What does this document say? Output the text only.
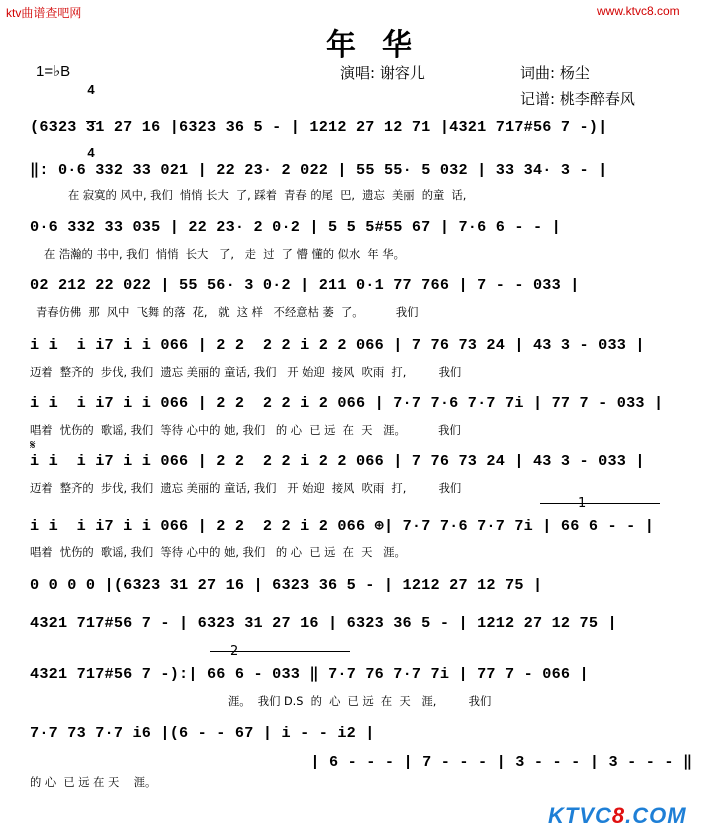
ktv曲谱查吧网	www.ktvc8.com
年华
1=♭B

4

4

演唱: 谢容儿	词曲: 杨尘
记谱: 桃李醉春风
(6323 31 27 16 |6323 36 5 - | 1212 27 12 71 |4321 717#56 7 -)|
‖: 0·6 332 33 021 | 22 23· 2 022 | 55 55· 5 032 | 33 34· 3 - |
在 寂寞的 风中, 我们  悄悄 长大  了, 踩着  青春 的尾  巴,  遗忘  美丽  的童  话,
0·6 332 33 035 | 22 23· 2 0·2 | 5 5 5#55 67 | 7·6 6 - - |
在 浩瀚的 书中, 我们  悄悄  长大   了,   走  过  了 懵 懂的 似水  年 华。
02 212 22 022 | 55 56· 3 0·2 | 211 0·1 77 766 | 7 - - 033 |
青春仿佛  那  风中  飞舞 的落  花,   就  这 样   不经意枯 萎  了。         我们
i i  i i7 i i 066 | 2 2  2 2 i 2 2 066 | 7 76 73 24 | 43 3 - 033 |
迈着  整齐的  步伐, 我们  遗忘 美丽的 童话, 我们   开 始迎  接风  吹雨  打,         我们
i i  i i7 i i 066 | 2 2  2 2 i 2 066 | 7·7 7·6 7·7 7i | 77 7 - 033 |
唱着  忧伤的  歌谣, 我们  等待 心中的 她, 我们   的 心  已 远  在  天   涯。         我们
𝄋
i i  i i7 i i 066 | 2 2  2 2 i 2 2 066 | 7 76 73 24 | 43 3 - 033 |
迈着  整齐的  步伐, 我们  遗忘 美丽的 童话, 我们   开 始迎  接风  吹雨  打,         我们
1
i i  i i7 i i 066 | 2 2  2 2 i 2 066 ⊕| 7·7 7·6 7·7 7i | 66 6 - - |
唱着  忧伤的  歌谣, 我们  等待 心中的 她, 我们   的 心  已 远  在  天   涯。
0 0 0 0 |(6323 31 27 16 | 6323 36 5 - | 1212 27 12 75 |
4321 717#56 7 - | 6323 31 27 16 | 6323 36 5 - | 1212 27 12 75 |
2
4321 717#56 7 -):| 66 6 - 033 ‖ 7·7 76 7·7 7i | 77 7 - 066 |
涯。  我们 D.S  的  心  已 远  在  天   涯,         我们
7·7 73 7·7 i6 |(6 - - 67 | i - - i2 |
| 6 - - - | 7 - - - | 3 - - - | 3 - - - ‖
的 心  已 远 在 天    涯。
KTVC8.COM
